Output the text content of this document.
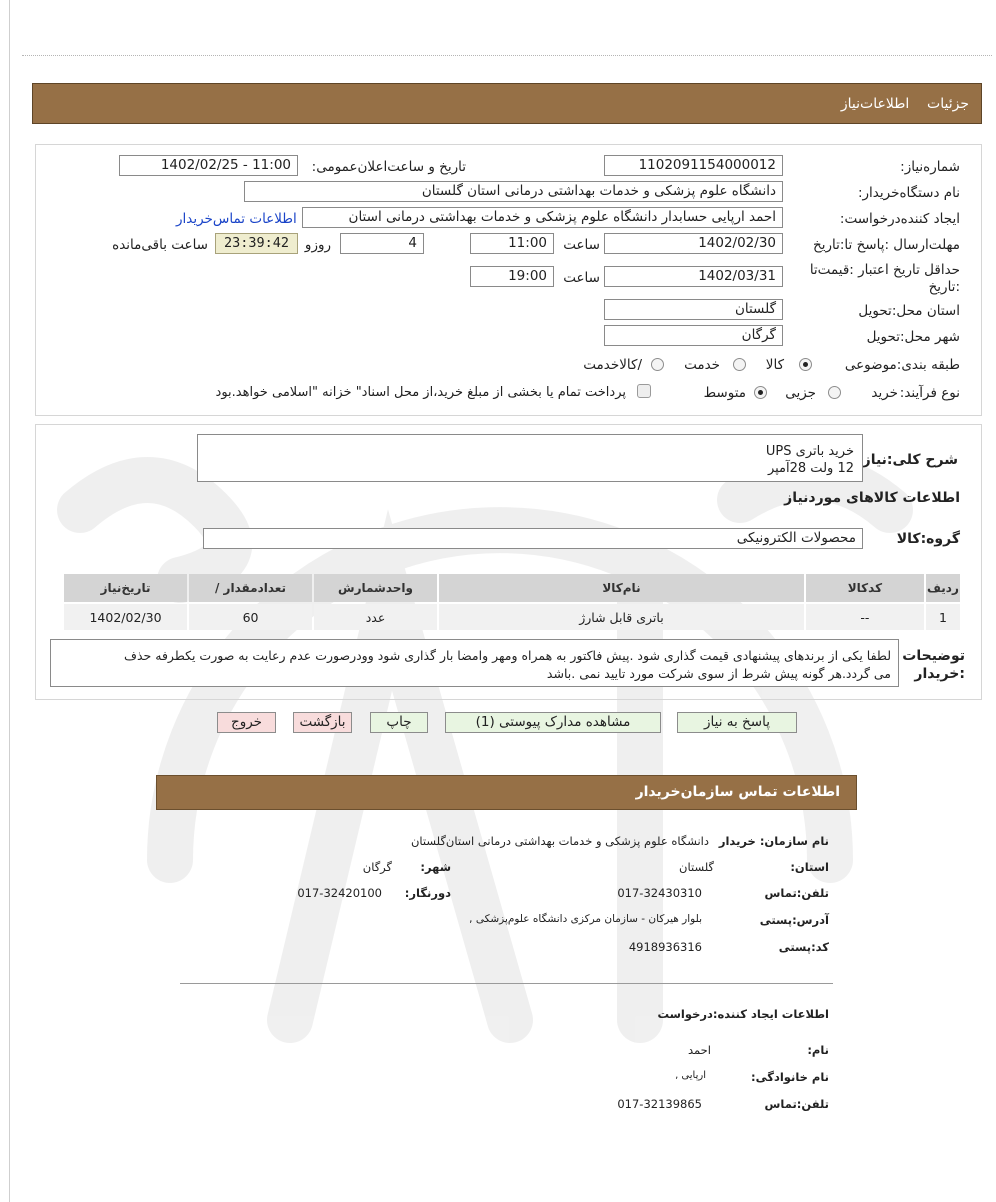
جزئیات    اطلاعات‌نیاز
شماره‌نیاز:
1102091154000012
تاریخ و ساعت‌اعلان‌عمومی:
1402/02/25 - 11:00
نام دستگاه‌خریدار:
دانشگاه علوم پزشکی و خدمات بهداشتی درمانی استان گلستان
ایجاد کننده‌درخواست:
احمد ارپایی حسابدار دانشگاه علوم پزشکی و خدمات بهداشتی درمانی استان
اطلاعات تماس‌خریدار
مهلت‌ارسال :پاسخ تا:تاریخ
1402/02/30
ساعت
11:00
4
روزو
23:39:42
ساعت باقی‌مانده
حداقل تاریخ اعتبار :قیمت‌تا
:تاریخ
1402/03/31
ساعت
19:00
استان محل:تحویل
گلستان
شهر محل:تحویل
گرگان
طبقه بندی:موضوعی
کالا
خدمت
/کالاخدمت
نوع فرآیند:
خرید
جزیی
متوسط
پرداخت تمام یا بخشی از مبلغ خرید،از محل اسناد" خزانه "اسلامی خواهد.بود
شرح کلی:نیاز
خرید باتری UPS
12 ولت 28آمپر
اطلاعات کالاهای موردنیاز
گروه:کالا
محصولات الکترونیکی
ردیف	کدکالا	نام‌کالا	واحدشمارش	تعدادمقدار /	تاریخ‌نیاز
1	--	باتری قابل شارژ	عدد	60	1402/02/30
توضیحات
:خریدار
لطفا یکی از برندهای پیشنهادی قیمت گذاری شود .پیش فاکتور به همراه ومهر وامضا بار گذاری شود وودرصورت عدم رعایت به صورت یکطرفه حذف
می گردد.هر گونه پیش شرط از سوی شرکت مورد تایید نمی .باشد
پاسخ به نیاز
مشاهده مدارک پیوستی (1)
چاپ
بازگشت
خروج
اطلاعات تماس سازمان‌خریدار
نام سازمان: خریدار
دانشگاه علوم پزشکی و خدمات بهداشتی درمانی استان‌گلستان
استان:
گلستان
شهر:
گرگان
تلفن:تماس
017-32430310
دورنگار:
017-32420100
آدرس:پستی
بلوار هیرکان - سازمان مرکزی دانشگاه علوم‌پزشکی ,
کد:پستی
4918936316
اطلاعات ایجاد کننده:درخواست
نام:
احمد
نام خانوادگی:
ارپایی ,
تلفن:تماس
017-32139865
